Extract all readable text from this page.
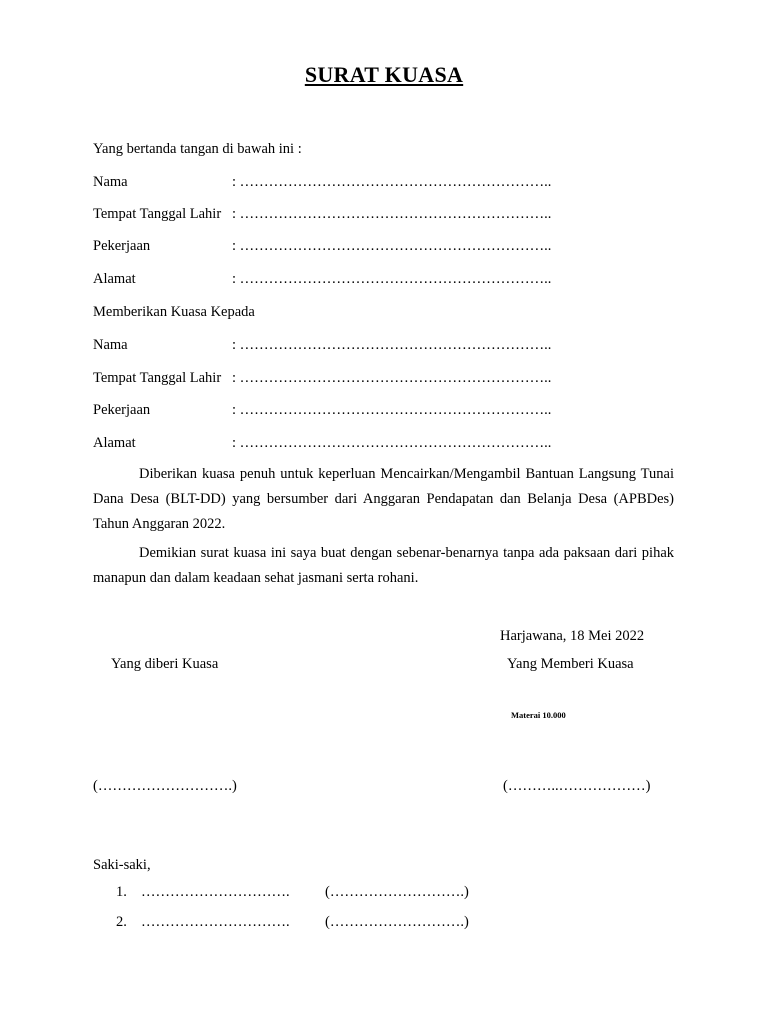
SURAT KUASA
Yang bertanda tangan di bawah ini :
Nama	: ………………………………………………………..
Tempat Tanggal Lahir : ………………………………………………………..
Pekerjaan	: ………………………………………………………..
Alamat	: ………………………………………………………..
Memberikan Kuasa Kepada
Nama	: ………………………………………………………..
Tempat Tanggal Lahir : ………………………………………………………..
Pekerjaan	: ………………………………………………………..
Alamat	: ………………………………………………………..
Diberikan kuasa penuh untuk keperluan Mencairkan/Mengambil Bantuan Langsung Tunai Dana Desa (BLT-DD) yang bersumber dari Anggaran Pendapatan dan Belanja Desa (APBDes) Tahun Anggaran 2022.
Demikian surat kuasa ini saya buat dengan sebenar-benarnya tanpa ada paksaan dari pihak manapun dan dalam keadaan sehat jasmani serta rohani.
Harjawana, 18 Mei 2022
Yang diberi Kuasa	Yang Memberi Kuasa
Materai 10.000
(……………………….)	(………..………………)
Saki-saki,
1. …………………………. (……………………….)
2. …………………………. (……………………….)
